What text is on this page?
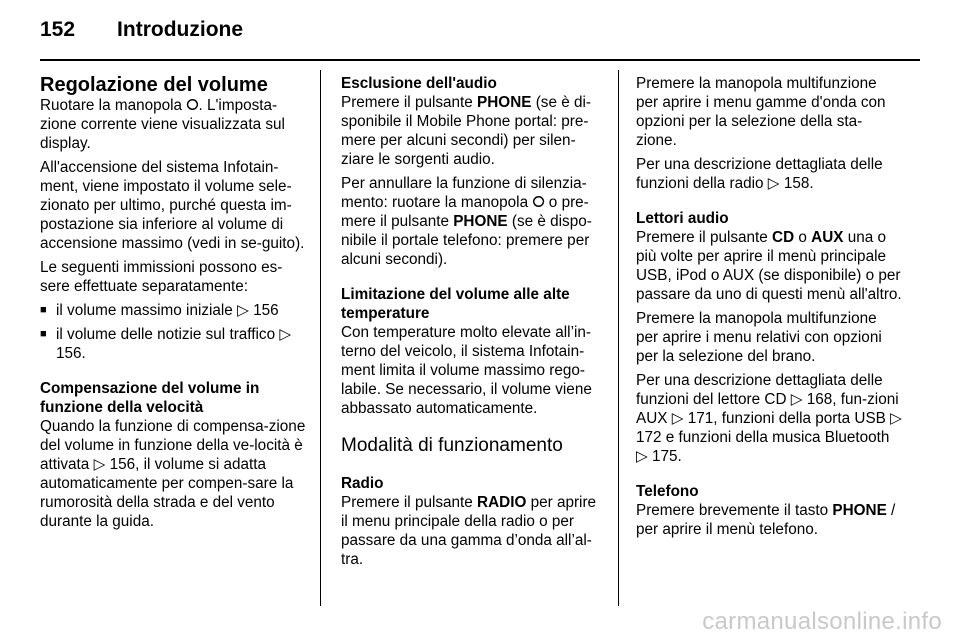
152 Introduzione
Regolazione del volume

Ruotare la manopola ⭘. L'imposta-zione corrente viene visualizzata sul display.

All'accensione del sistema Infotain-ment, viene impostato il volume sele-zionato per ultimo, purché questa im-postazione sia inferiore al volume di accensione massimo (vedi in se-guito).

Le seguenti immissioni possono es-sere effettuate separatamente:

■ il volume massimo iniziale ▷ 156
■ il volume delle notizie sul traffico ▷ 156.
Compensazione del volume in funzione della velocità

Quando la funzione di compensa-zione del volume in funzione della ve-locità è attivata ▷ 156, il volume si adatta automaticamente per compen-sare la rumorosità della strada e del vento durante la guida.

Esclusione dell'audio

Premere il pulsante PHONE (se è di-sponibile il Mobile Phone portal: pre-mere per alcuni secondi) per silen-ziare le sorgenti audio.

Per annullare la funzione di silenzia-mento: ruotare la manopola ⭘ o pre-mere il pulsante PHONE (se è dispo-nibile il portale telefono: premere per alcuni secondi).

Limitazione del volume alle alte temperature

Con temperature molto elevate all’in-terno del veicolo, il sistema Infotain-ment limita il volume massimo rego-labile. Se necessario, il volume viene abbassato automaticamente.

Modalità di funzionamento
Radio

Premere il pulsante RADIO per aprire il menu principale della radio o per passare da una gamma d’onda all’al-tra.

Premere la manopola multifunzione per aprire i menu gamme d'onda con opzioni per la selezione della sta-zione.

Per una descrizione dettagliata delle funzioni della radio ▷ 158.

Lettori audio

Premere il pulsante CD o AUX una o più volte per aprire il menù principale USB, iPod o AUX (se disponibile) o per passare da uno di questi menù all'altro.

Premere la manopola multifunzione per aprire i menu relativi con opzioni per la selezione del brano.

Per una descrizione dettagliata delle funzioni del lettore CD ▷ 168, fun-zioni AUX ▷ 171, funzioni della porta USB ▷ 172 e funzioni della musica Bluetooth ▷ 175.

Telefono

Premere brevemente il tasto PHONE / per aprire il menù telefono.

carmanualsonline.info
